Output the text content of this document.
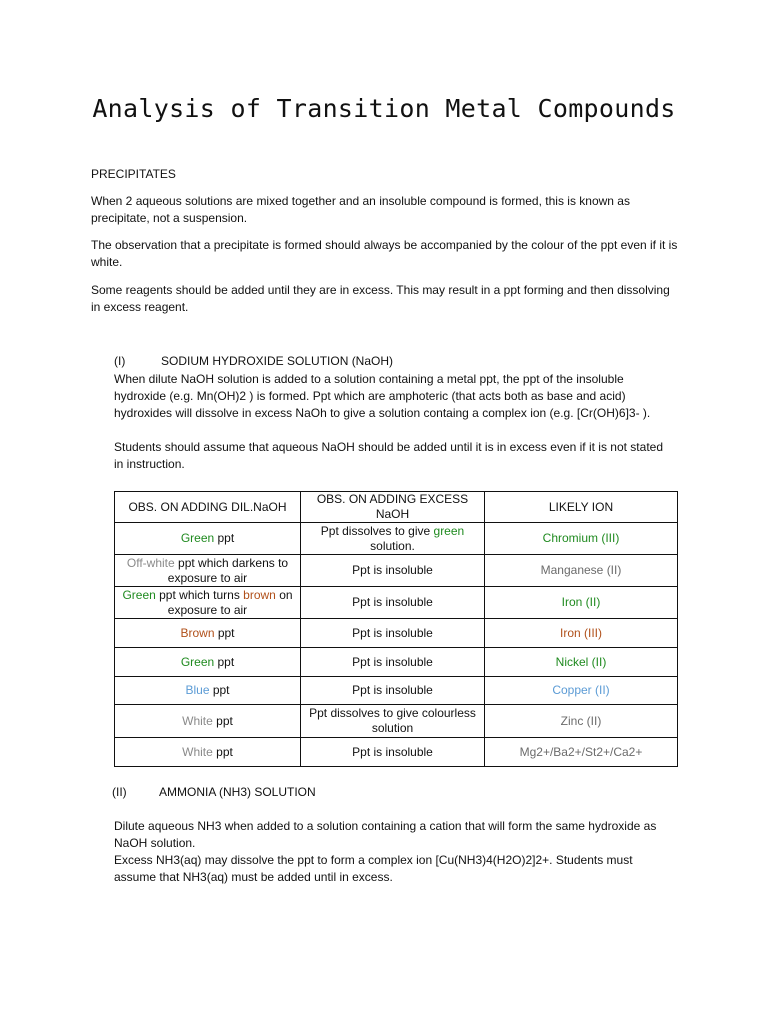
Analysis of Transition Metal Compounds
PRECIPITATES
When 2 aqueous solutions are mixed together and an insoluble compound is formed, this is known as precipitate, not a suspension.
The observation that a precipitate is formed should always be accompanied by the colour of the ppt even if it is white.
Some reagents should be added until they are in excess. This may result in a ppt forming and then dissolving in excess reagent.
(I)	SODIUM HYDROXIDE SOLUTION (NaOH)
When dilute NaOH solution is added to a solution containing a metal ppt, the ppt of the insoluble hydroxide (e.g. Mn(OH)2 ) is formed. Ppt which are amphoteric (that acts both as base and acid) hydroxides will dissolve in excess NaOh to give a solution containg a complex ion (e.g. [Cr(OH)6]3- ).
Students should assume that aqueous NaOH should be added until it is in excess even if it is not stated in instruction.
OBS. ON ADDING DIL.NaOH	OBS. ON ADDING EXCESS NaOH	LIKELY ION
Green ppt	Ppt dissolves to give green solution.	Chromium (III)
Off-white ppt which darkens to exposure to air	Ppt is insoluble	Manganese (II)
Green ppt which turns brown on exposure to air	Ppt is insoluble	Iron (II)
Brown ppt	Ppt is insoluble	Iron (III)
Green ppt	Ppt is insoluble	Nickel (II)
Blue ppt	Ppt is insoluble	Copper (II)
White ppt	Ppt dissolves to give colourless solution	Zinc (II)
White ppt	Ppt is insoluble	Mg2+/Ba2+/St2+/Ca2+
(II)	AMMONIA (NH3) SOLUTION
Dilute aqueous NH3 when added to a solution containing a cation that will form the same hydroxide as NaOH solution.
Excess NH3(aq) may dissolve the ppt to form a complex ion [Cu(NH3)4(H2O)2]2+. Students must assume that NH3(aq) must be added until in excess.
